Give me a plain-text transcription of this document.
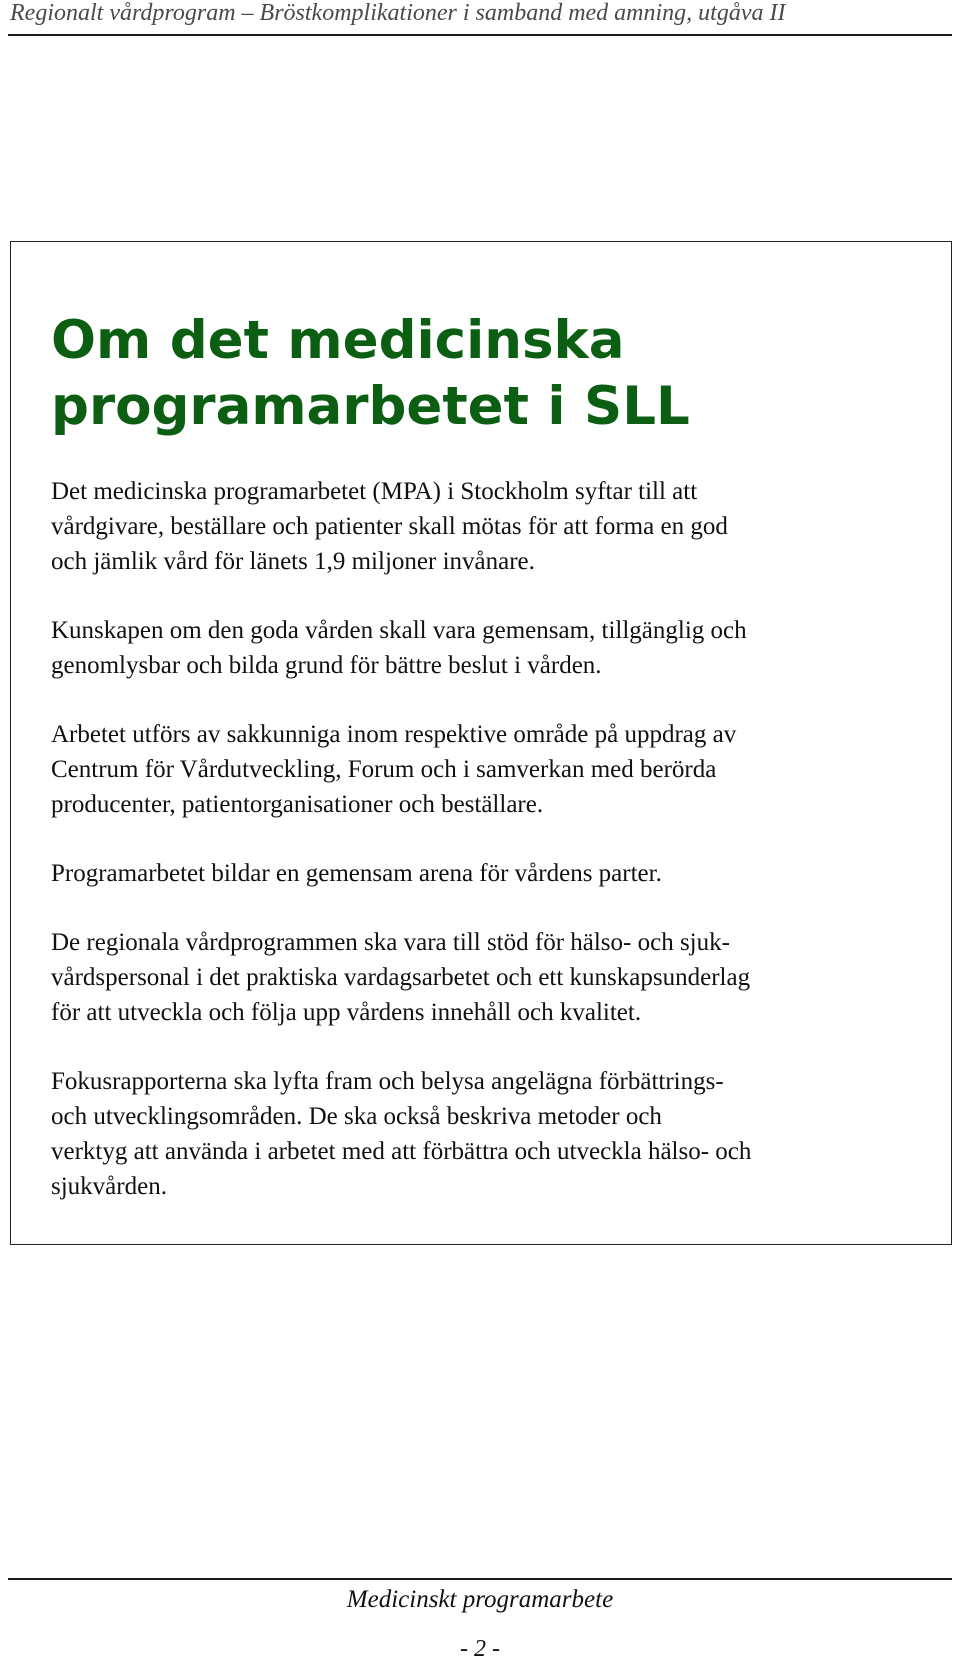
Regionalt vårdprogram – Bröstkomplikationer i samband med amning, utgåva II
Om det medicinska
programarbetet i SLL

Det medicinska programarbetet (MPA) i Stockholm syftar till att
vårdgivare, beställare och patienter skall mötas för att forma en god
och jämlik vård för länets 1,9 miljoner invånare.

Kunskapen om den goda vården skall vara gemensam, tillgänglig och
genomlysbar och bilda grund för bättre beslut i vården.

Arbetet utförs av sakkunniga inom respektive område på uppdrag av
Centrum för Vårdutveckling, Forum och i samverkan med berörda
producenter, patientorganisationer och beställare.

Programarbetet bildar en gemensam arena för vårdens parter.

De regionala vårdprogrammen ska vara till stöd för hälso- och sjuk-
vårdspersonal i det praktiska vardagsarbetet och ett kunskapsunderlag
för att utveckla och följa upp vårdens innehåll och kvalitet.

Fokusrapporterna ska lyfta fram och belysa angelägna förbättrings-
och utvecklingsområden. De ska också beskriva metoder och
verktyg att använda i arbetet med att förbättra och utveckla hälso- och
sjukvården.

Medicinskt programarbete
- 2 -
